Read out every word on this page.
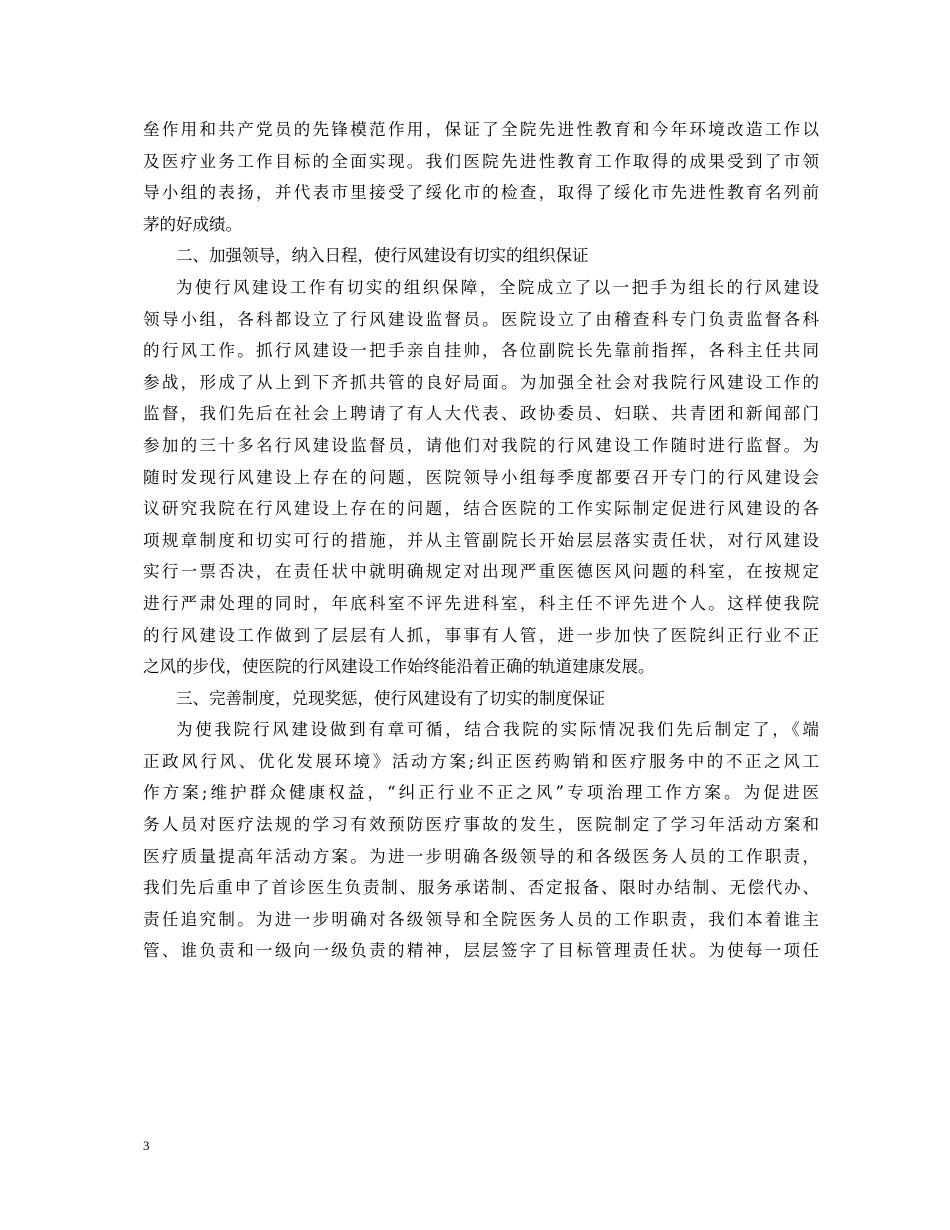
垒作用和共产党员的先锋模范作用，保证了全院先进性教育和今年环境改造工作以
及医疗业务工作目标的全面实现。我们医院先进性教育工作取得的成果受到了市领
导小组的表扬，并代表市里接受了绥化市的检查，取得了绥化市先进性教育名列前
茅的好成绩。
二、加强领导，纳入日程，使行风建设有切实的组织保证
为使行风建设工作有切实的组织保障，全院成立了以一把手为组长的行风建设
领导小组，各科都设立了行风建设监督员。医院设立了由稽查科专门负责监督各科
的行风工作。抓行风建设一把手亲自挂帅，各位副院长先靠前指挥，各科主任共同
参战，形成了从上到下齐抓共管的良好局面。为加强全社会对我院行风建设工作的
监督，我们先后在社会上聘请了有人大代表、政协委员、妇联、共青团和新闻部门
参加的三十多名行风建设监督员，请他们对我院的行风建设工作随时进行监督。为
随时发现行风建设上存在的问题，医院领导小组每季度都要召开专门的行风建设会
议研究我院在行风建设上存在的问题，结合医院的工作实际制定促进行风建设的各
项规章制度和切实可行的措施，并从主管副院长开始层层落实责任状，对行风建设
实行一票否决，在责任状中就明确规定对出现严重医德医风问题的科室，在按规定
进行严肃处理的同时，年底科室不评先进科室，科主任不评先进个人。这样使我院
的行风建设工作做到了层层有人抓，事事有人管，进一步加快了医院纠正行业不正
之风的步伐，使医院的行风建设工作始终能沿着正确的轨道建康发展。
三、完善制度，兑现奖惩，使行风建设有了切实的制度保证
为使我院行风建设做到有章可循，结合我院的实际情况我们先后制定了，《端
正政风行风、优化发展环境》活动方案;纠正医药购销和医疗服务中的不正之风工
作方案;维护群众健康权益，“纠正行业不正之风”专项治理工作方案。为促进医
务人员对医疗法规的学习有效预防医疗事故的发生，医院制定了学习年活动方案和
医疗质量提高年活动方案。为进一步明确各级领导的和各级医务人员的工作职责，
我们先后重申了首诊医生负责制、服务承诺制、否定报备、限时办结制、无偿代办、
责任追究制。为进一步明确对各级领导和全院医务人员的工作职责，我们本着谁主
管、谁负责和一级向一级负责的精神，层层签字了目标管理责任状。为使每一项任
3
